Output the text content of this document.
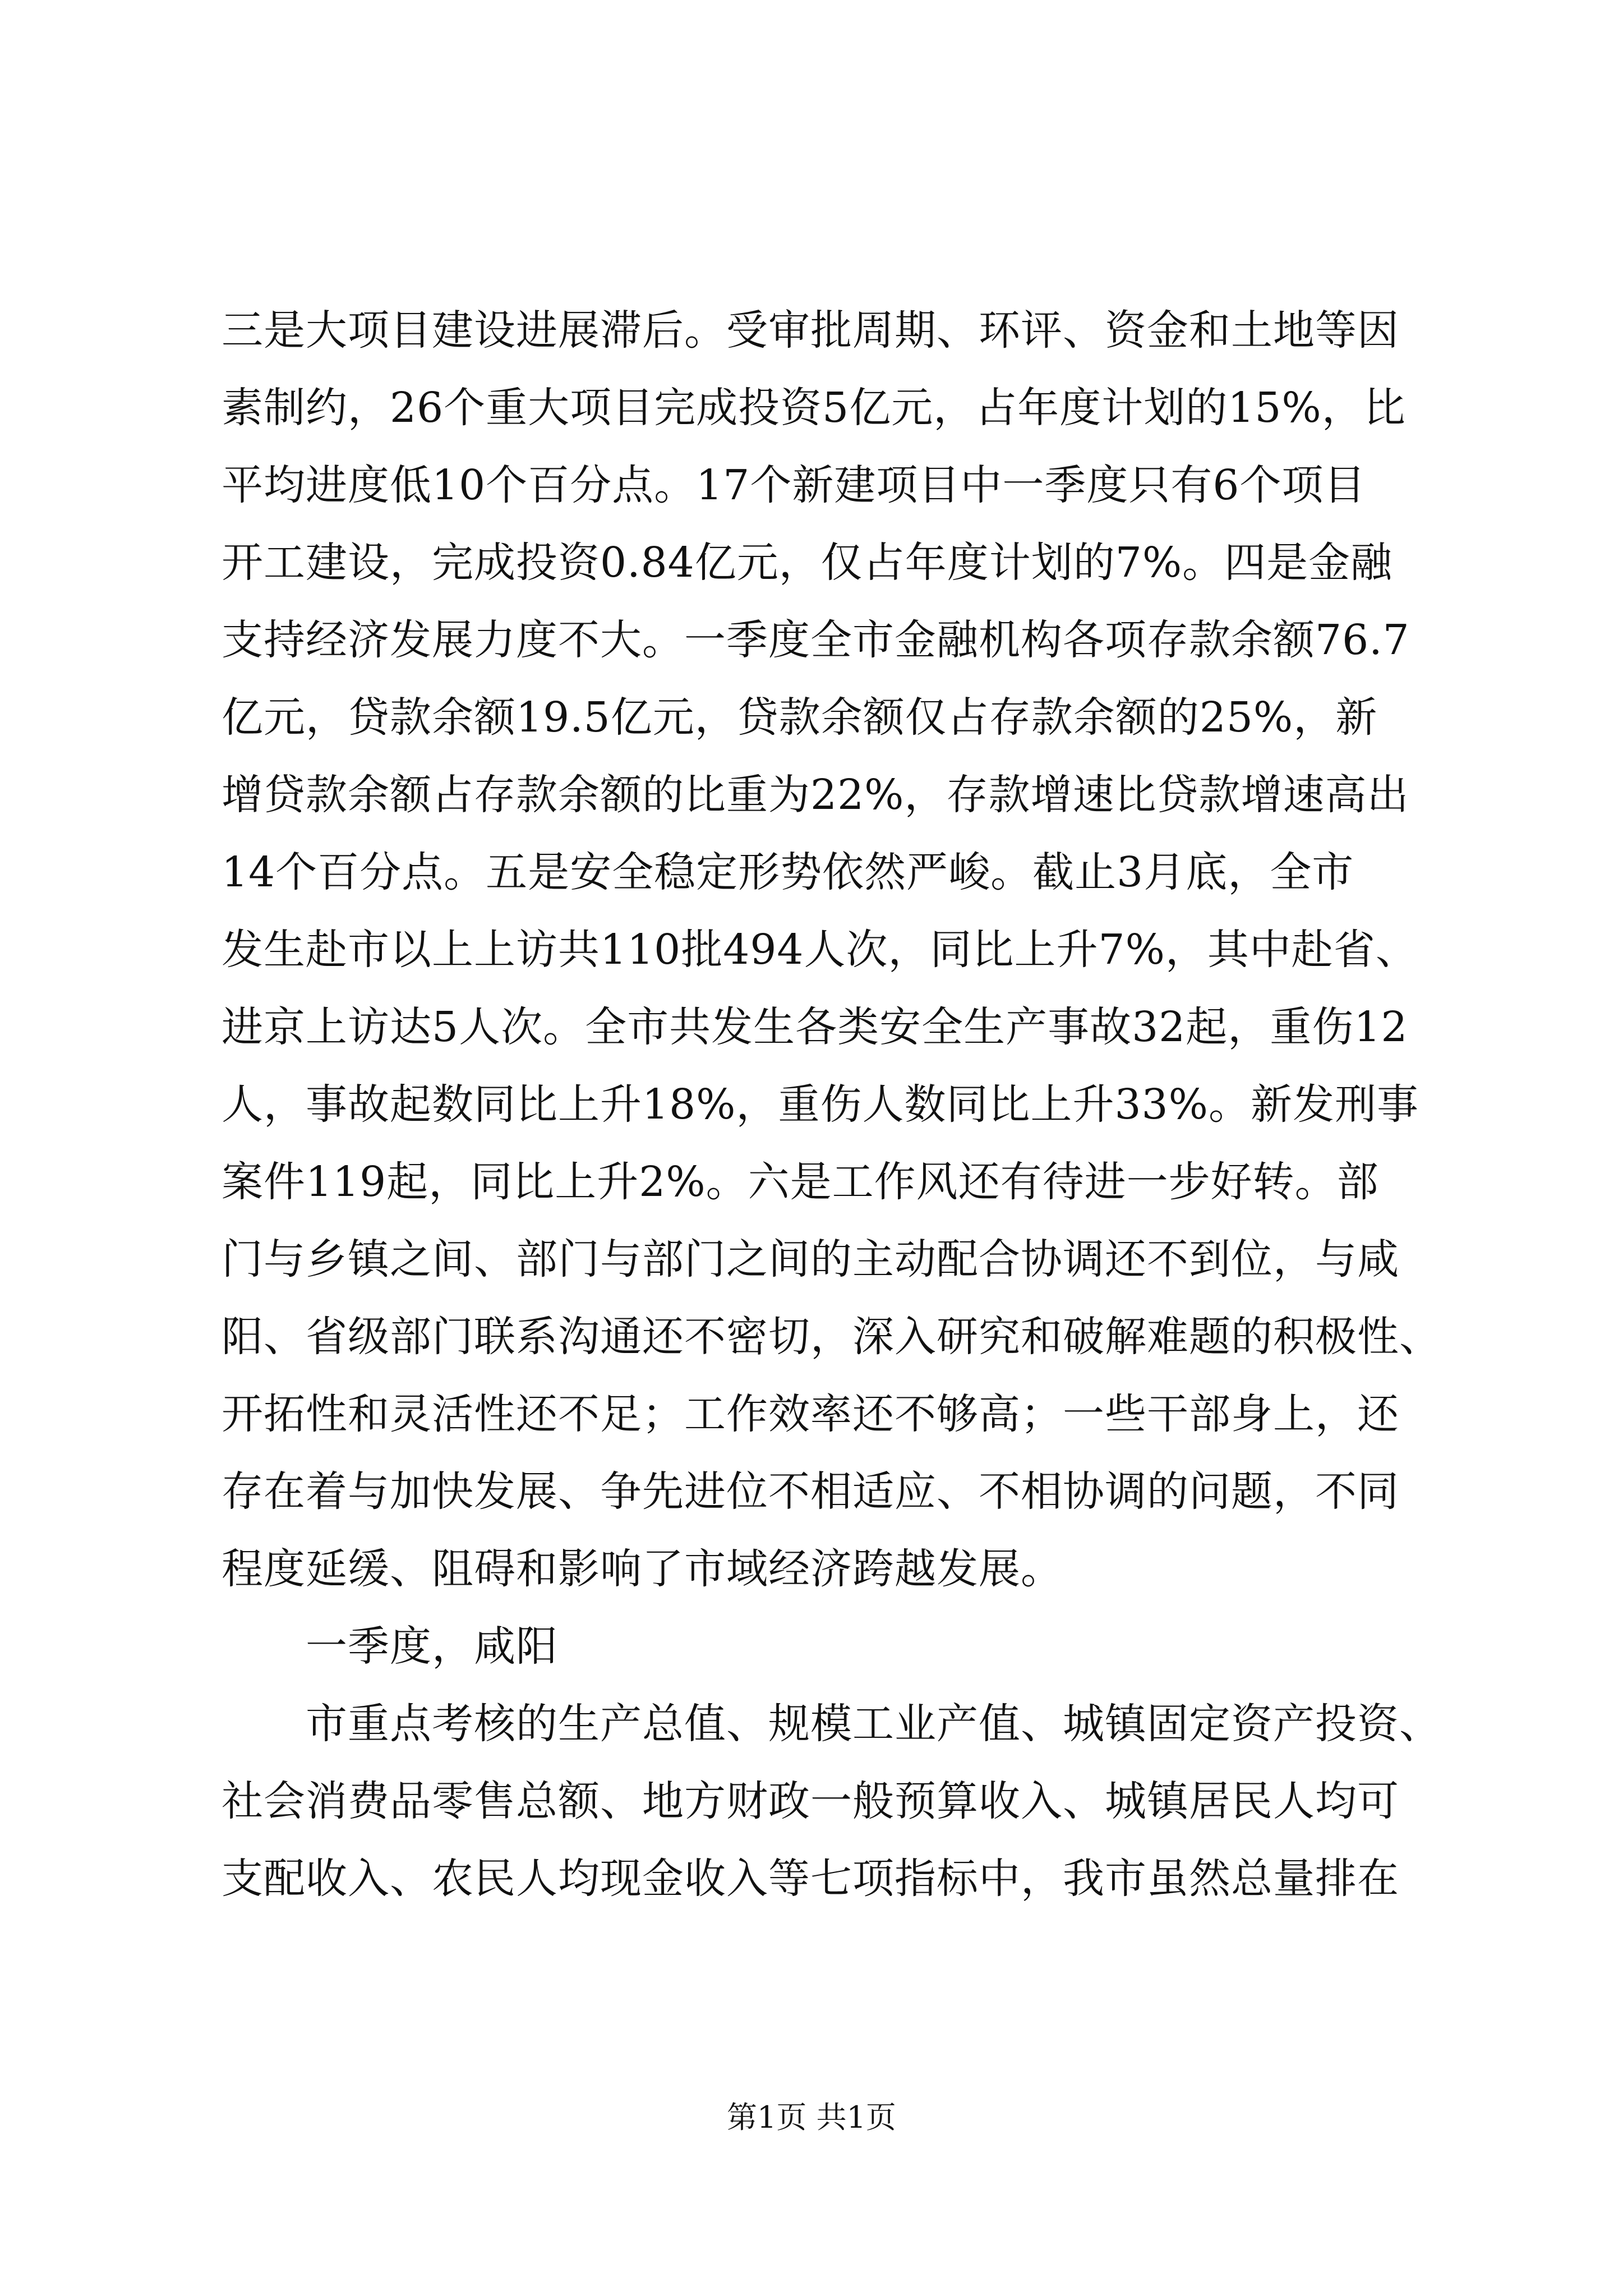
三是大项目建设进展滞后。受审批周期、环评、资金和土地等因
素制约，26个重大项目完成投资5亿元，占年度计划的15%，比
平均进度低10个百分点。17个新建项目中一季度只有6个项目
开工建设，完成投资0.84亿元，仅占年度计划的7%。四是金融
支持经济发展力度不大。一季度全市金融机构各项存款余额76.7
亿元，贷款余额19.5亿元，贷款余额仅占存款余额的25%，新
增贷款余额占存款余额的比重为22%，存款增速比贷款增速高出
14个百分点。五是安全稳定形势依然严峻。截止3月底，全市
发生赴市以上上访共110批494人次，同比上升7%，其中赴省、
进京上访达5人次。全市共发生各类安全生产事故32起，重伤12
人，事故起数同比上升18%，重伤人数同比上升33%。新发刑事
案件119起，同比上升2%。六是工作风还有待进一步好转。部
门与乡镇之间、部门与部门之间的主动配合协调还不到位，与咸
阳、省级部门联系沟通还不密切，深入研究和破解难题的积极性、
开拓性和灵活性还不足；工作效率还不够高；一些干部身上，还
存在着与加快发展、争先进位不相适应、不相协调的问题，不同
程度延缓、阻碍和影响了市域经济跨越发展。
一季度，咸阳
市重点考核的生产总值、规模工业产值、城镇固定资产投资、
社会消费品零售总额、地方财政一般预算收入、城镇居民人均可
支配收入、农民人均现金收入等七项指标中，我市虽然总量排在
第1页 共1页
